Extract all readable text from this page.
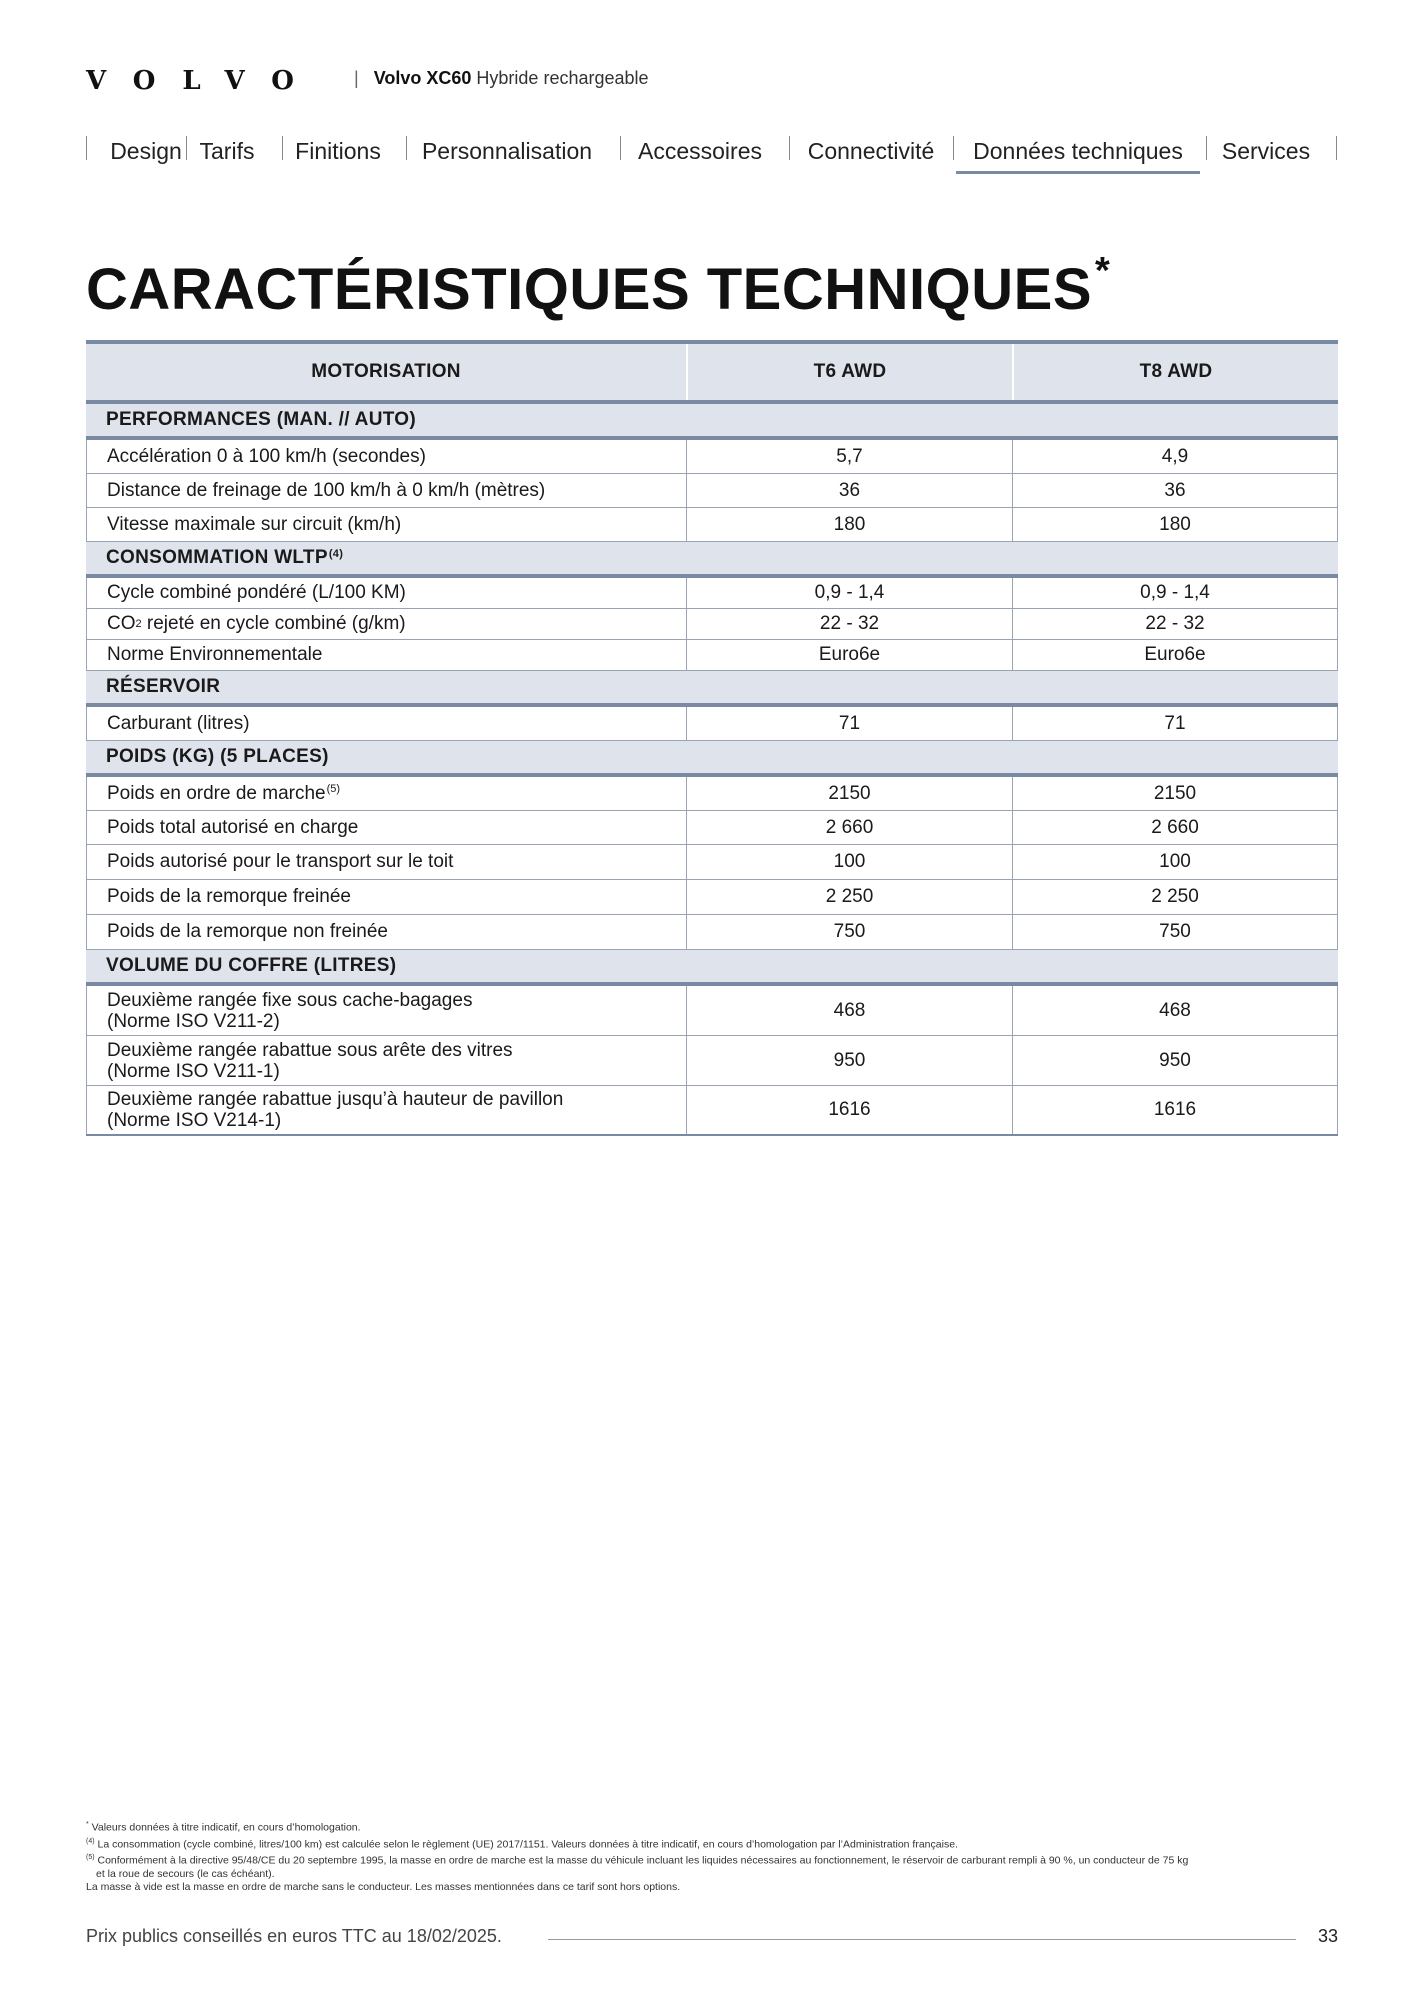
VOLVO | Volvo XC60 Hybride rechargeable
Design Tarifs	Finitions	Personnalisation	Accessoires	Connectivité	Données techniques	Services
CARACTÉRISTIQUES TECHNIQUES*
MOTORISATION	T6 AWD	T8 AWD
PERFORMANCES (MAN. // AUTO)
Accélération 0 à 100 km/h (secondes)	5,7	4,9
Distance de freinage de 100 km/h à 0 km/h (mètres)	36	36
Vitesse maximale sur circuit (km/h)	180	180
CONSOMMATION WLTP$^{(4)}$
Cycle combiné pondéré (L/100 KM)	0,9 - 1,4	0,9 - 1,4
CO 2 rejeté en cycle combiné (g/km)	22 - 32	22 - 32
Norme Environnementale	Euro6e	Euro6e
RÉSERVOIR
Carburant (litres)	71	71
POIDS (KG) (5 PLACES)
Poids en ordre de marche$^{(5)}$	2150	2150
Poids total autorisé en charge	2 660	2 660
Poids autorisé pour le transport sur le toit	100	100
Poids de la remorque freinée	2 250	2 250
Poids de la remorque non freinée	750	750
VOLUME DU COFFRE (LITRES)
Deuxième rangée fixe sous cache-bagages
(Norme ISO V211-2)
468	468
Deuxième rangée rabattue sous arête des vitres
(Norme ISO V211-1)
950	950
Deuxième rangée rabattue jusqu’à hauteur de pavillon
(Norme ISO V214-1)
1616	1616
* Valeurs données à titre indicatif, en cours d’homologation.
$^{(4)}$ La consommation (cycle combiné, litres/100 km) est calculée selon le règlement (UE) 2017/1151. Valeurs données à titre indicatif, en cours d’homologation par l’Administration française.
$^{(5)}$ Conformément à la directive 95/48/CE du 20 septembre 1995, la masse en ordre de marche est la masse du véhicule incluant les liquides nécessaires au fonctionnement, le réservoir de carburant rempli à 90 %, un conducteur de 75 kg
et la roue de secours (le cas échéant).
La masse à vide est la masse en ordre de marche sans le conducteur. Les masses mentionnées dans ce tarif sont hors options.
Prix publics conseillés en euros TTC au 18/02/2025.	33
